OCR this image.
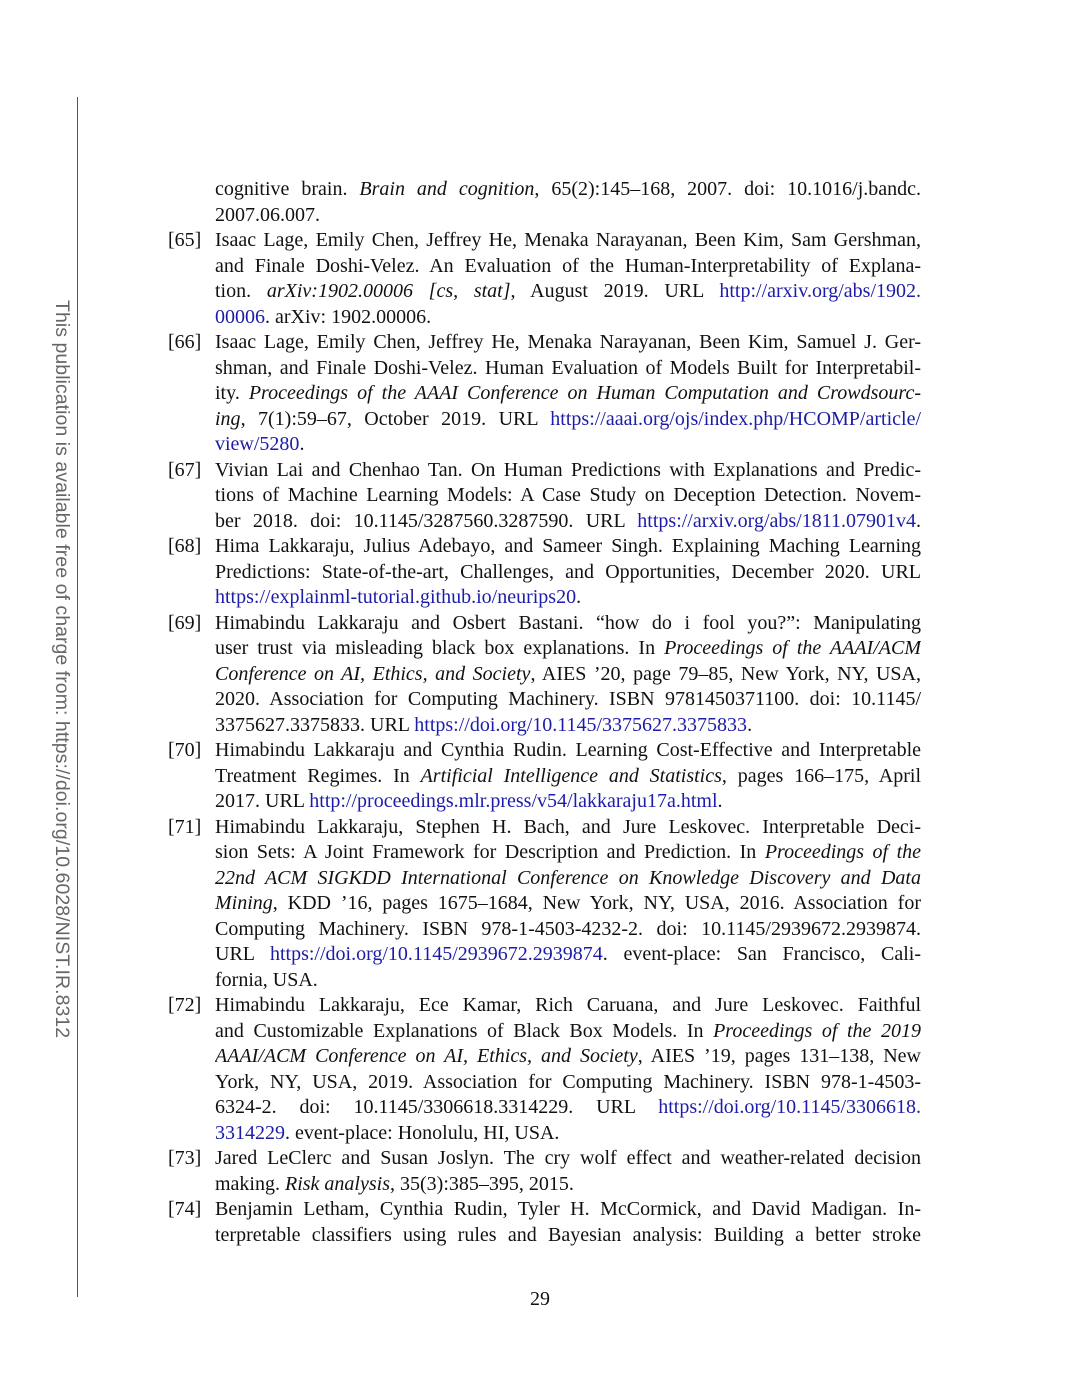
This publication is available free of charge from: https://doi.org/10.6028/NIST.IR.8312
cognitive brain. Brain and cognition, 65(2):145–168, 2007. doi: 10.1016/j.bandc.
2007.06.007.
[65] Isaac Lage, Emily Chen, Jeffrey He, Menaka Narayanan, Been Kim, Sam Gershman,
and Finale Doshi-Velez. An Evaluation of the Human-Interpretability of Explana-
tion. arXiv:1902.00006 [cs, stat], August 2019. URL http://arxiv.org/abs/1902.
00006. arXiv: 1902.00006.
[66] Isaac Lage, Emily Chen, Jeffrey He, Menaka Narayanan, Been Kim, Samuel J. Ger-
shman, and Finale Doshi-Velez. Human Evaluation of Models Built for Interpretabil-
ity. Proceedings of the AAAI Conference on Human Computation and Crowdsourc-
ing, 7(1):59–67, October 2019. URL https://aaai.org/ojs/index.php/HCOMP/article/
view/5280.
[67] Vivian Lai and Chenhao Tan. On Human Predictions with Explanations and Predic-
tions of Machine Learning Models: A Case Study on Deception Detection. Novem-
ber 2018. doi: 10.1145/3287560.3287590. URL https://arxiv.org/abs/1811.07901v4.
[68] Hima Lakkaraju, Julius Adebayo, and Sameer Singh. Explaining Maching Learning
Predictions: State-of-the-art, Challenges, and Opportunities, December 2020. URL
https://explainml-tutorial.github.io/neurips20.
[69] Himabindu Lakkaraju and Osbert Bastani. “how do i fool you?”: Manipulating
user trust via misleading black box explanations. In Proceedings of the AAAI/ACM
Conference on AI, Ethics, and Society, AIES ’20, page 79–85, New York, NY, USA,
2020. Association for Computing Machinery. ISBN 9781450371100. doi: 10.1145/
3375627.3375833. URL https://doi.org/10.1145/3375627.3375833.
[70] Himabindu Lakkaraju and Cynthia Rudin. Learning Cost-Effective and Interpretable
Treatment Regimes. In Artificial Intelligence and Statistics, pages 166–175, April
2017. URL http://proceedings.mlr.press/v54/lakkaraju17a.html.
[71] Himabindu Lakkaraju, Stephen H. Bach, and Jure Leskovec. Interpretable Deci-
sion Sets: A Joint Framework for Description and Prediction. In Proceedings of the
22nd ACM SIGKDD International Conference on Knowledge Discovery and Data
Mining, KDD ’16, pages 1675–1684, New York, NY, USA, 2016. Association for
Computing Machinery. ISBN 978-1-4503-4232-2. doi: 10.1145/2939672.2939874.
URL https://doi.org/10.1145/2939672.2939874. event-place: San Francisco, Cali-
fornia, USA.
[72] Himabindu Lakkaraju, Ece Kamar, Rich Caruana, and Jure Leskovec. Faithful
and Customizable Explanations of Black Box Models. In Proceedings of the 2019
AAAI/ACM Conference on AI, Ethics, and Society, AIES ’19, pages 131–138, New
York, NY, USA, 2019. Association for Computing Machinery. ISBN 978-1-4503-
6324-2. doi: 10.1145/3306618.3314229. URL https://doi.org/10.1145/3306618.
3314229. event-place: Honolulu, HI, USA.
[73] Jared LeClerc and Susan Joslyn. The cry wolf effect and weather-related decision
making. Risk analysis, 35(3):385–395, 2015.
[74] Benjamin Letham, Cynthia Rudin, Tyler H. McCormick, and David Madigan. In-
terpretable classifiers using rules and Bayesian analysis: Building a better stroke
29
